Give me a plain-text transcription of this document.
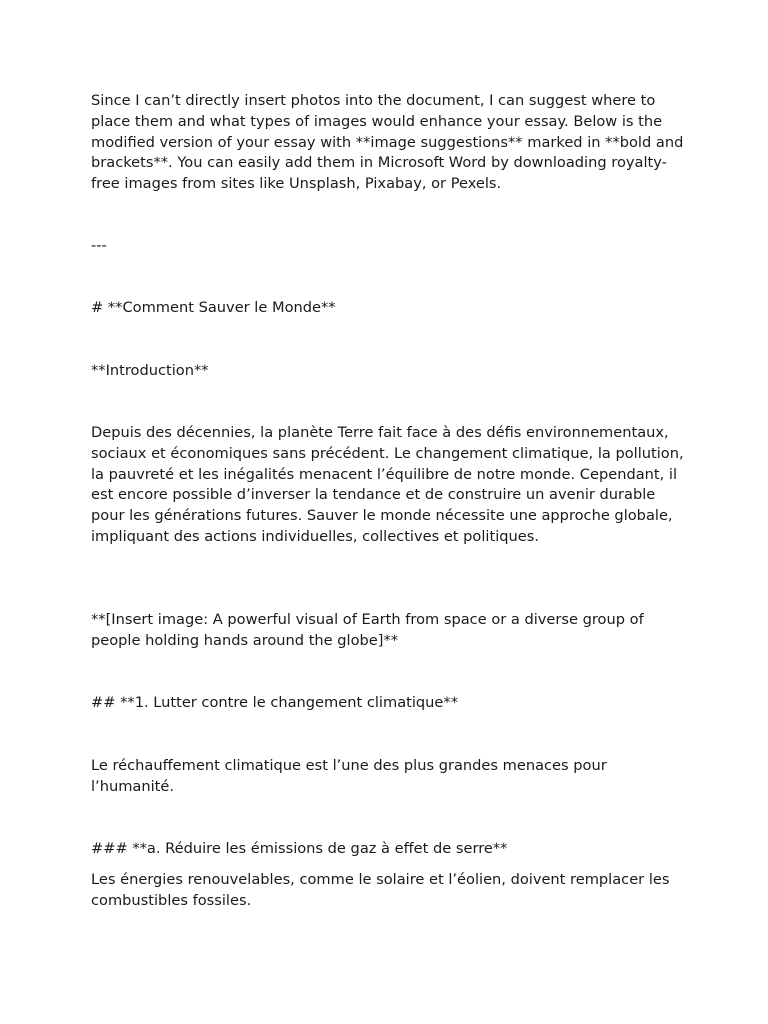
Since I can’t directly insert photos into the document, I can suggest where to place them and what types of images would enhance your essay. Below is the modified version of your essay with **image suggestions** marked in **bold and brackets**. You can easily add them in Microsoft Word by downloading royalty-free images from sites like Unsplash, Pixabay, or Pexels.

---

# **Comment Sauver le Monde**

**Introduction**

Depuis des décennies, la planète Terre fait face à des défis environnementaux, sociaux et économiques sans précédent. Le changement climatique, la pollution, la pauvreté et les inégalités menacent l’équilibre de notre monde. Cependant, il est encore possible d’inverser la tendance et de construire un avenir durable pour les générations futures. Sauver le monde nécessite une approche globale, impliquant des actions individuelles, collectives et politiques.

**[Insert image: A powerful visual of Earth from space or a diverse group of people holding hands around the globe]**

## **1. Lutter contre le changement climatique**

Le réchauffement climatique est l’une des plus grandes menaces pour l’humanité.

### **a. Réduire les émissions de gaz à effet de serre**

Les énergies renouvelables, comme le solaire et l’éolien, doivent remplacer les combustibles fossiles.
